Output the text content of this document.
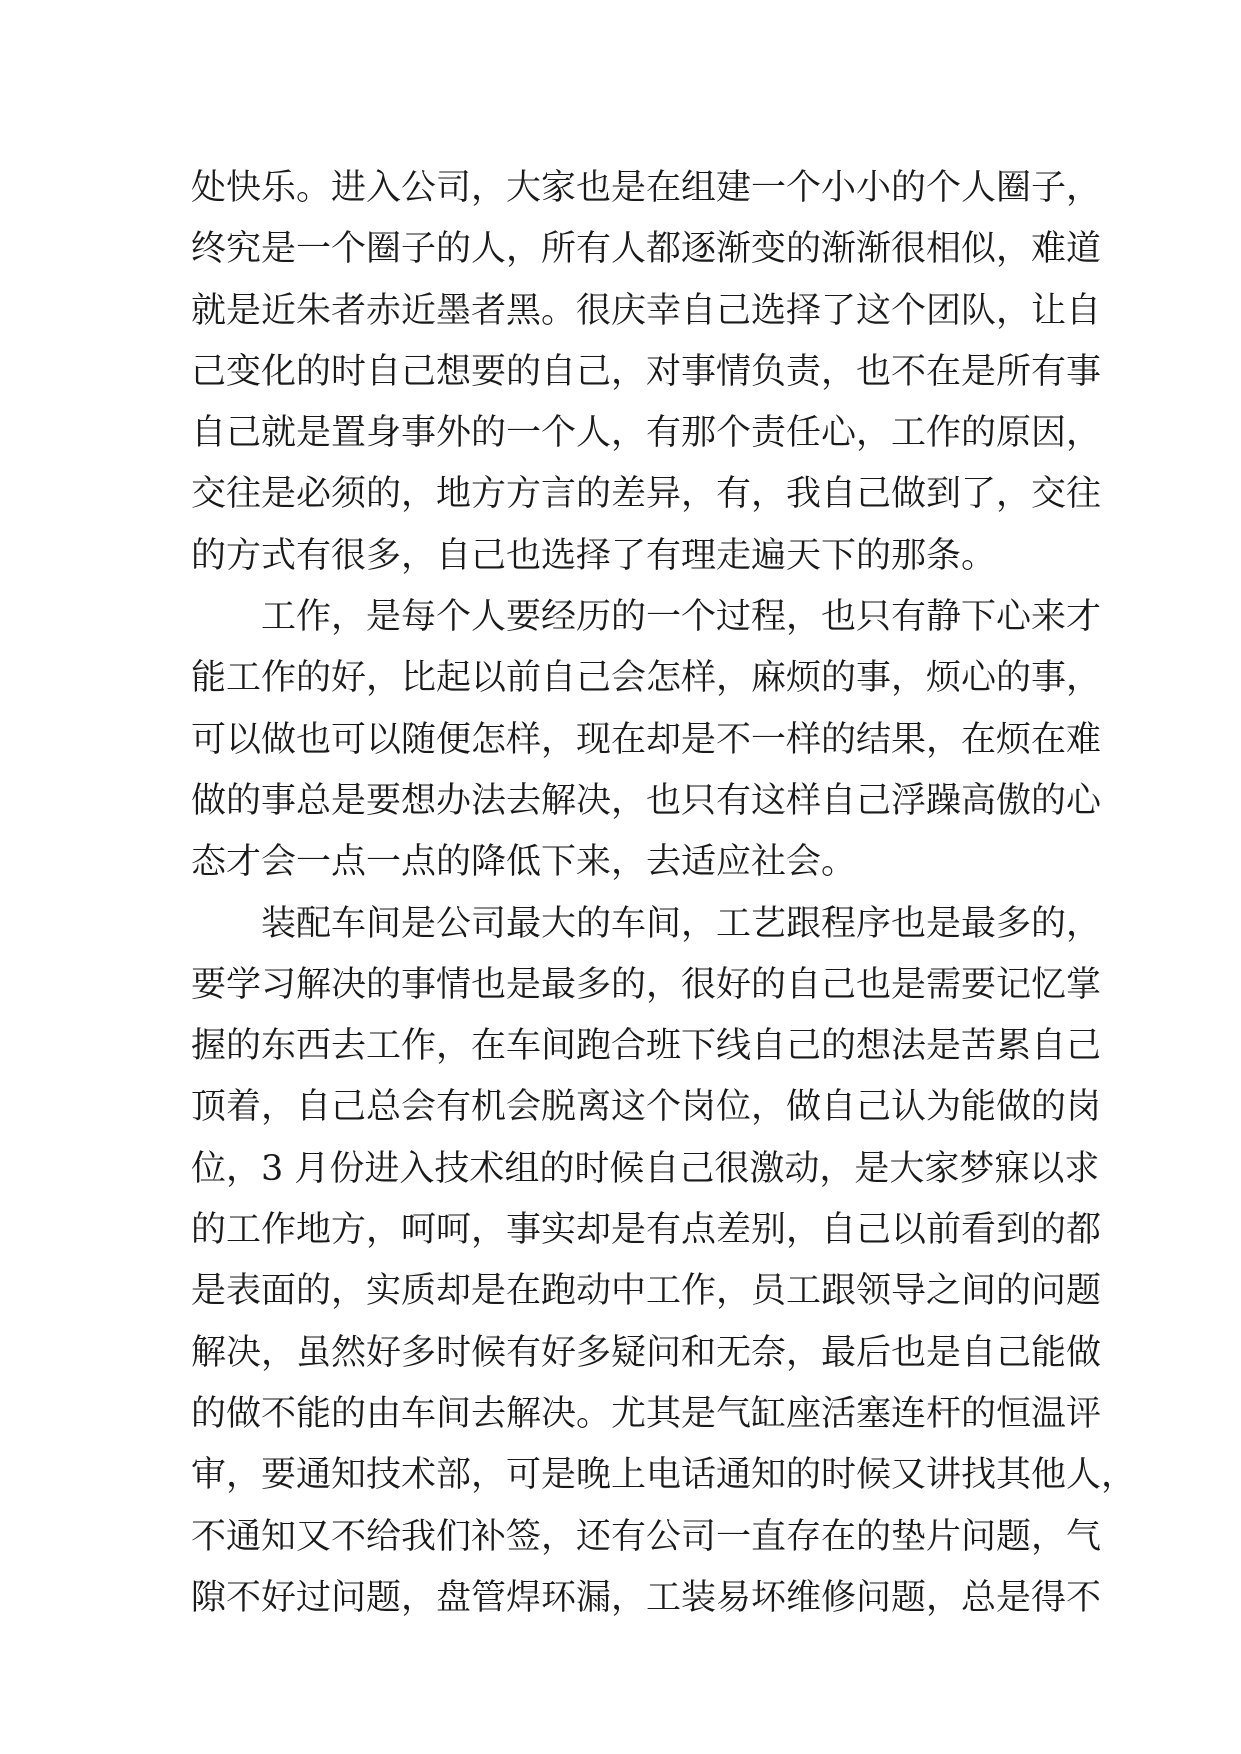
处快乐。进入公司，大家也是在组建一个小小的个人圈子，
终究是一个圈子的人，所有人都逐渐变的渐渐很相似，难道
就是近朱者赤近墨者黑。很庆幸自己选择了这个团队，让自
己变化的时自己想要的自己，对事情负责，也不在是所有事
自己就是置身事外的一个人，有那个责任心，工作的原因，
交往是必须的，地方方言的差异，有，我自己做到了，交往
的方式有很多，自己也选择了有理走遍天下的那条。
工作，是每个人要经历的一个过程，也只有静下心来才
能工作的好，比起以前自己会怎样，麻烦的事，烦心的事，
可以做也可以随便怎样，现在却是不一样的结果，在烦在难
做的事总是要想办法去解决，也只有这样自己浮躁高傲的心
态才会一点一点的降低下来，去适应社会。
装配车间是公司最大的车间，工艺跟程序也是最多的，
要学习解决的事情也是最多的，很好的自己也是需要记忆掌
握的东西去工作，在车间跑合班下线自己的想法是苦累自己
顶着，自己总会有机会脱离这个岗位，做自己认为能做的岗
位，3 月份进入技术组的时候自己很激动，是大家梦寐以求
的工作地方，呵呵，事实却是有点差别，自己以前看到的都
是表面的，实质却是在跑动中工作，员工跟领导之间的问题
解决，虽然好多时候有好多疑问和无奈，最后也是自己能做
的做不能的由车间去解决。尤其是气缸座活塞连杆的恒温评
审，要通知技术部，可是晚上电话通知的时候又讲找其他人，
不通知又不给我们补签，还有公司一直存在的垫片问题，气
隙不好过问题，盘管焊环漏，工装易坏维修问题，总是得不
